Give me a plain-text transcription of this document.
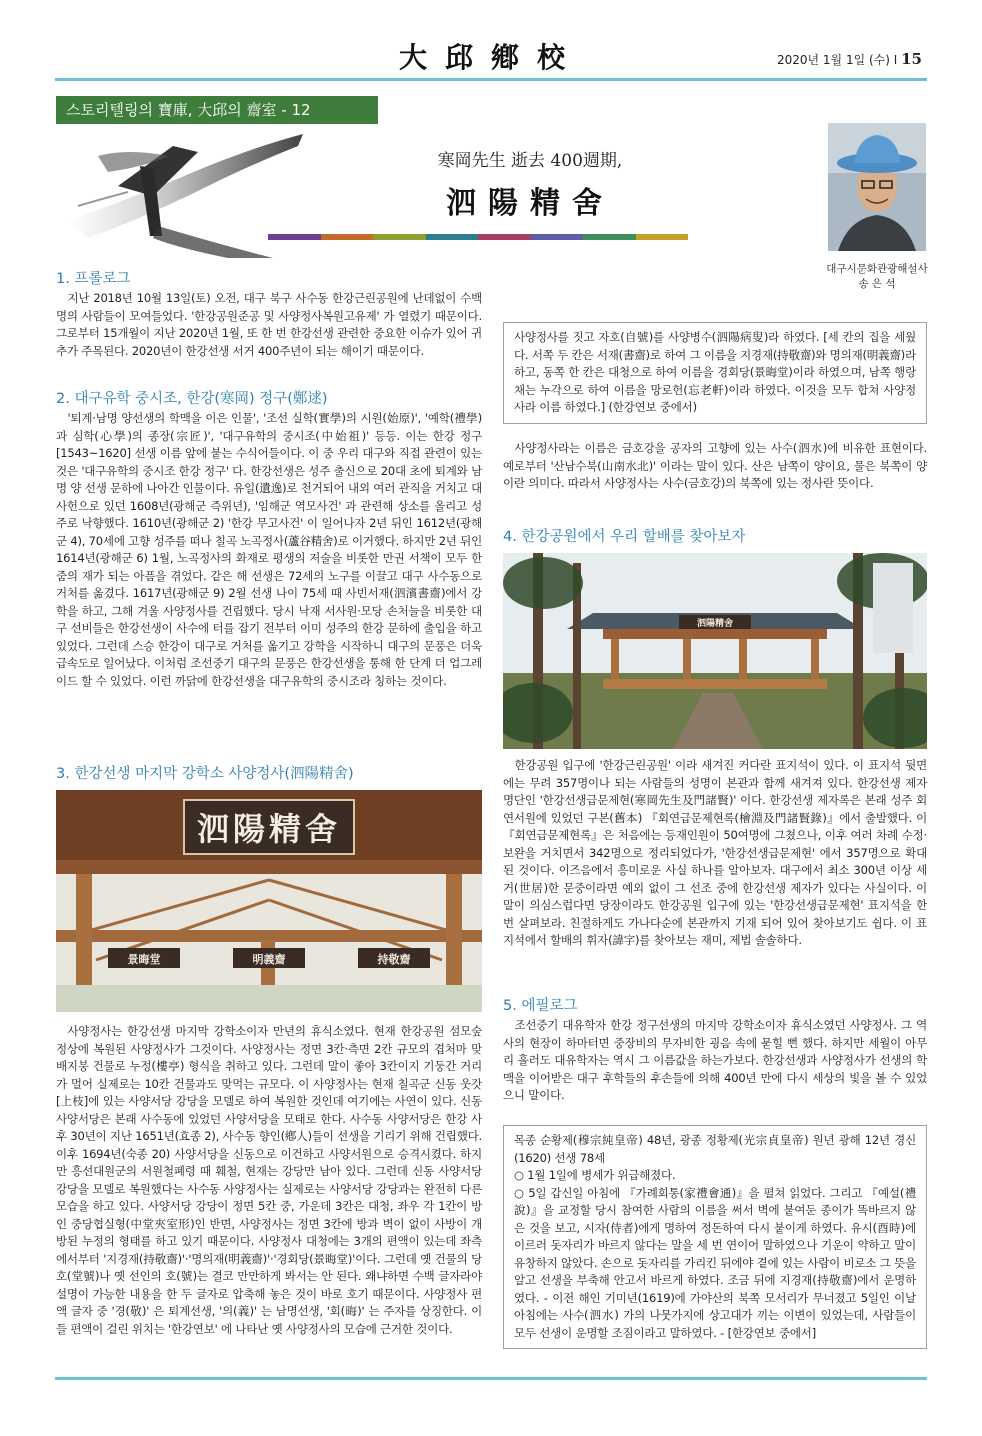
大邱鄕校	2020년 1월 1일 (수) I 15
스토리텔링의 寶庫, 大邱의 齋室 - 12
寒岡先生 逝去 400週期,
泗陽精舍
대구시문화관광해설사
송 은 석
1. 프롤로그

지난 2018년 10월 13일(토) 오전, 대구 북구 사수동 한강근린공원에 난데없이 수백 명의 사람들이 모여들었다. '한강공원준공 및 사양정사복원고유제' 가 열렸기 때문이다. 그로부터 15개월이 지난 2020년 1월, 또 한 번 한강선생 관련한 중요한 이슈가 있어 귀추가 주목된다. 2020년이 한강선생 서거 400주년이 되는 해이기 때문이다.

2. 대구유학 중시조, 한강(寒岡) 정구(鄭逑)

'퇴계·남명 양선생의 학맥을 이은 인물', '조선 실학(實學)의 시원(始原)', '예학(禮學)과 심학(心學)의 종장(宗匠)', '대구유학의 중시조(中始祖)' 등등. 이는 한강 정구[1543~1620] 선생 이름 앞에 붙는 수식어들이다. 이 중 우리 대구와 직접 관련이 있는 것은 '대구유학의 중시조 한강 정구' 다. 한강선생은 성주 출신으로 20대 초에 퇴계와 남명 양 선생 문하에 나아간 인물이다. 유일(遺逸)로 천거되어 내외 여러 관직을 거치고 대사헌으로 있던 1608년(광해군 즉위년), '임해군 역모사건' 과 관련해 상소를 올리고 성주로 낙향했다. 1610년(광해군 2) '한강 무고사건' 이 일어나자 2년 뒤인 1612년(광해군 4), 70세에 고향 성주를 떠나 칠곡 노곡정사(蘆谷精舍)로 이거했다. 하지만 2년 뒤인 1614년(광해군 6) 1월, 노곡정사의 화재로 평생의 저술을 비롯한 만권 서책이 모두 한줌의 재가 되는 아픔을 겪었다. 같은 해 선생은 72세의 노구를 이끌고 대구 사수동으로 거처를 옮겼다. 1617년(광해군 9) 2월 선생 나이 75세 때 사빈서재(泗濱書齋)에서 강학을 하고, 그해 겨울 사양정사를 건립했다. 당시 낙재 서사원·모당 손처눌을 비롯한 대구 선비들은 한강선생이 사수에 터를 잡기 전부터 이미 성주의 한강 문하에 출입을 하고 있었다. 그런데 스승 한강이 대구로 거처를 옮기고 강학을 시작하니 대구의 문풍은 더욱 급속도로 일어났다. 이처럼 조선중기 대구의 문풍은 한강선생을 통해 한 단계 더 업그레이드 할 수 있었다. 이런 까닭에 한강선생을 대구유학의 중시조라 칭하는 것이다.

3. 한강선생 마지막 강학소 사양정사(泗陽精舍)
泗陽精舍
景晦堂	明義齋	持敬齋

사양정사는 한강선생 마지막 강학소이자 만년의 휴식소였다. 현재 한강공원 섬모숲 정상에 복원된 사양정사가 그것이다. 사양정사는 정면 3칸·측면 2칸 규모의 겹처마 맞배지붕 건물로 누정(樓亭) 형식을 취하고 있다. 그런데 말이 좋아 3칸이지 기둥간 거리가 멀어 실제로는 10칸 건물과도 맞먹는 규모다. 이 사양정사는 현재 칠곡군 신동 웃갓[上枝]에 있는 사양서당 강당을 모델로 하여 복원한 것인데 여기에는 사연이 있다. 신동 사양서당은 본래 사수동에 있었던 사양서당을 모태로 한다. 사수동 사양서당은 한강 사후 30년이 지난 1651년(효종 2), 사수동 향인(鄕人)들이 선생을 기리기 위해 건립했다. 이후 1694년(숙종 20) 사양서당을 신동으로 이건하고 사양서원으로 승격시켰다. 하지만 흥선대원군의 서원철폐령 때 훼철, 현재는 강당만 남아 있다. 그런데 신동 사양서당 강당을 모델로 복원했다는 사수동 사양정사는 실제로는 사양서당 강당과는 완전히 다른 모습을 하고 있다. 사양서당 강당이 정면 5칸 중, 가운데 3칸은 대청, 좌우 각 1칸이 방인 중당협실형(中堂夾室形)인 반면, 사양정사는 정면 3칸에 방과 벽이 없이 사방이 개방된 누정의 형태를 하고 있기 때문이다. 사양정사 대청에는 3개의 편액이 있는데 좌측에서부터 '지경재(持敬齋)'·'명의재(明義齋)'·'경회당(景晦堂)'이다. 그런데 옛 건물의 당호(堂號)나 옛 선인의 호(號)는 결코 만만하게 봐서는 안 된다. 왜냐하면 수백 글자라야 설명이 가능한 내용을 한 두 글자로 압축해 놓은 것이 바로 호기 때문이다. 사양정사 편액 글자 중 '경(敬)' 은 퇴계선생, '의(義)' 는 남명선생, '회(晦)' 는 주자를 상징한다. 이들 편액이 걸린 위치는 '한강연보' 에 나타난 옛 사양정사의 모습에 근거한 것이다.

사양정사를 짓고 자호(自號)를 사양병수(泗陽病叟)라 하였다. [세 칸의 집을 세웠다. 서쪽 두 칸은 서재(書齋)로 하여 그 이름을 지경재(持敬齋)와 명의재(明義齋)라 하고, 동쪽 한 칸은 대청으로 하여 이름을 경회당(景晦堂)이라 하였으며, 남쪽 행랑채는 누각으로 하여 이름을 망로헌(忘老軒)이라 하였다. 이것을 모두 합쳐 사양정사라 이름 하였다.] (한강연보 중에서)

사양정사라는 이름은 금호강을 공자의 고향에 있는 사수(泗水)에 비유한 표현이다. 예로부터 '산남수북(山南水北)' 이라는 말이 있다. 산은 남쪽이 양이요, 물은 북쪽이 양이란 의미다. 따라서 사양정사는 사수(금호강)의 북쪽에 있는 정사란 뜻이다.

4. 한강공원에서 우리 할배를 찾아보자
泗陽精舍

한강공원 입구에 '한강근린공원' 이라 새겨진 커다란 표지석이 있다. 이 표지석 뒷면에는 무려 357명이나 되는 사람들의 성명이 본관과 함께 새겨져 있다. 한강선생 제자 명단인 '한강선생급문제현(寒岡先生及門諸賢)' 이다. 한강선생 제자록은 본래 성주 회연서원에 있었던 구본(舊本) 『회연급문제현록(檜淵及門諸賢錄)』에서 출발했다. 이 『회연급문제현록』은 처음에는 등재인원이 50여명에 그쳤으나, 이후 여러 차례 수정·보완을 거치면서 342명으로 정리되었다가, '한강선생급문제현' 에서 357명으로 확대된 것이다. 이즈음에서 흥미로운 사실 하나를 알아보자. 대구에서 최소 300년 이상 세거(世居)한 문중이라면 예외 없이 그 선조 중에 한강선생 제자가 있다는 사실이다. 이 말이 의심스럽다면 당장이라도 한강공원 입구에 있는 '한강선생급문제현' 표지석을 한번 살펴보라. 친절하게도 가나다순에 본관까지 기재 되어 있어 찾아보기도 쉽다. 이 표지석에서 할배의 휘자(諱字)를 찾아보는 재미, 제법 솔솔하다.

5. 에필로그

조선중기 대유학자 한강 정구선생의 마지막 강학소이자 휴식소였던 사양정사. 그 역사의 현장이 하마터면 중장비의 무자비한 굉음 속에 묻힐 뻔 했다. 하지만 세월이 아무리 흘러도 대유학자는 역시 그 이름값을 하는가보다. 한강선생과 사양정사가 선생의 학맥을 이어받은 대구 후학들의 후손들에 의해 400년 만에 다시 세상의 빛을 볼 수 있었으니 말이다.

목종 순황제(穆宗純皇帝) 48년, 광종 정황제(光宗貞皇帝) 원년 광해 12년 경신(1620) 선생 78세
○ 1월 1일에 병세가 위급해졌다.
○ 5일 갑신일 아침에 『가례회통(家禮會通)』을 펼쳐 읽었다. 그리고 『예설(禮說)』을 교정할 당시 참여한 사람의 이름을 써서 벽에 붙여둔 종이가 똑바르지 않은 것을 보고, 시자(侍者)에게 명하여 정돈하여 다시 붙이게 하였다. 유시(酉時)에 이르러 돗자리가 바르지 않다는 말을 세 번 연이어 말하였으나 기운이 약하고 말이 유창하지 않았다. 손으로 돗자리를 가리킨 뒤에야 곁에 있는 사람이 비로소 그 뜻을 알고 선생을 부축해 안고서 바르게 하였다. 조금 뒤에 지경재(持敬齋)에서 운명하였다. - 이전 해인 기미년(1619)에 가야산의 북쪽 모서리가 무너졌고 5일인 이날 아침에는 사수(泗水) 가의 나뭇가지에 상고대가 끼는 이변이 있었는데, 사람들이 모두 선생이 운명할 조짐이라고 말하였다. - [한강연보 중에서]
